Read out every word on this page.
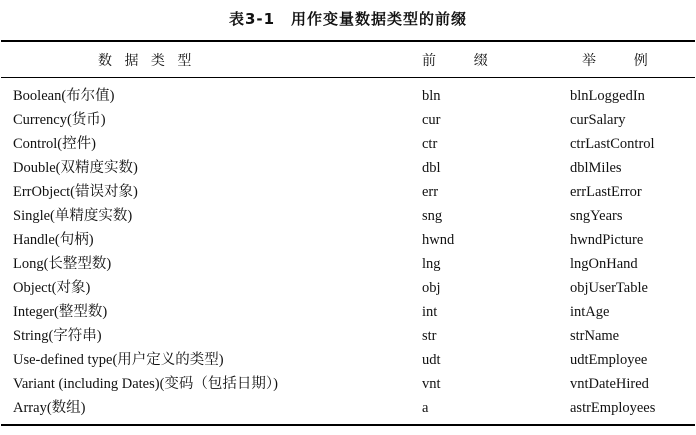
表3-1　用作变量数据类型的前缀
数 据 类 型	前    缀	举    例
Boolean(布尔值)	bln	blnLoggedIn
Currency(货币)	cur	curSalary
Control(控件)	ctr	ctrLastControl
Double(双精度实数)	dbl	dblMiles
ErrObject(错误对象)	err	errLastError
Single(单精度实数)	sng	sngYears
Handle(句柄)	hwnd	hwndPicture
Long(长整型数)	lng	lngOnHand
Object(对象)	obj	objUserTable
Integer(整型数)	int	intAge
String(字符串)	str	strName
Use-defined type(用户定义的类型)	udt	udtEmployee
Variant (including Dates)(变码（包括日期）)	vnt	vntDateHired
Array(数组)	a	astrEmployees
